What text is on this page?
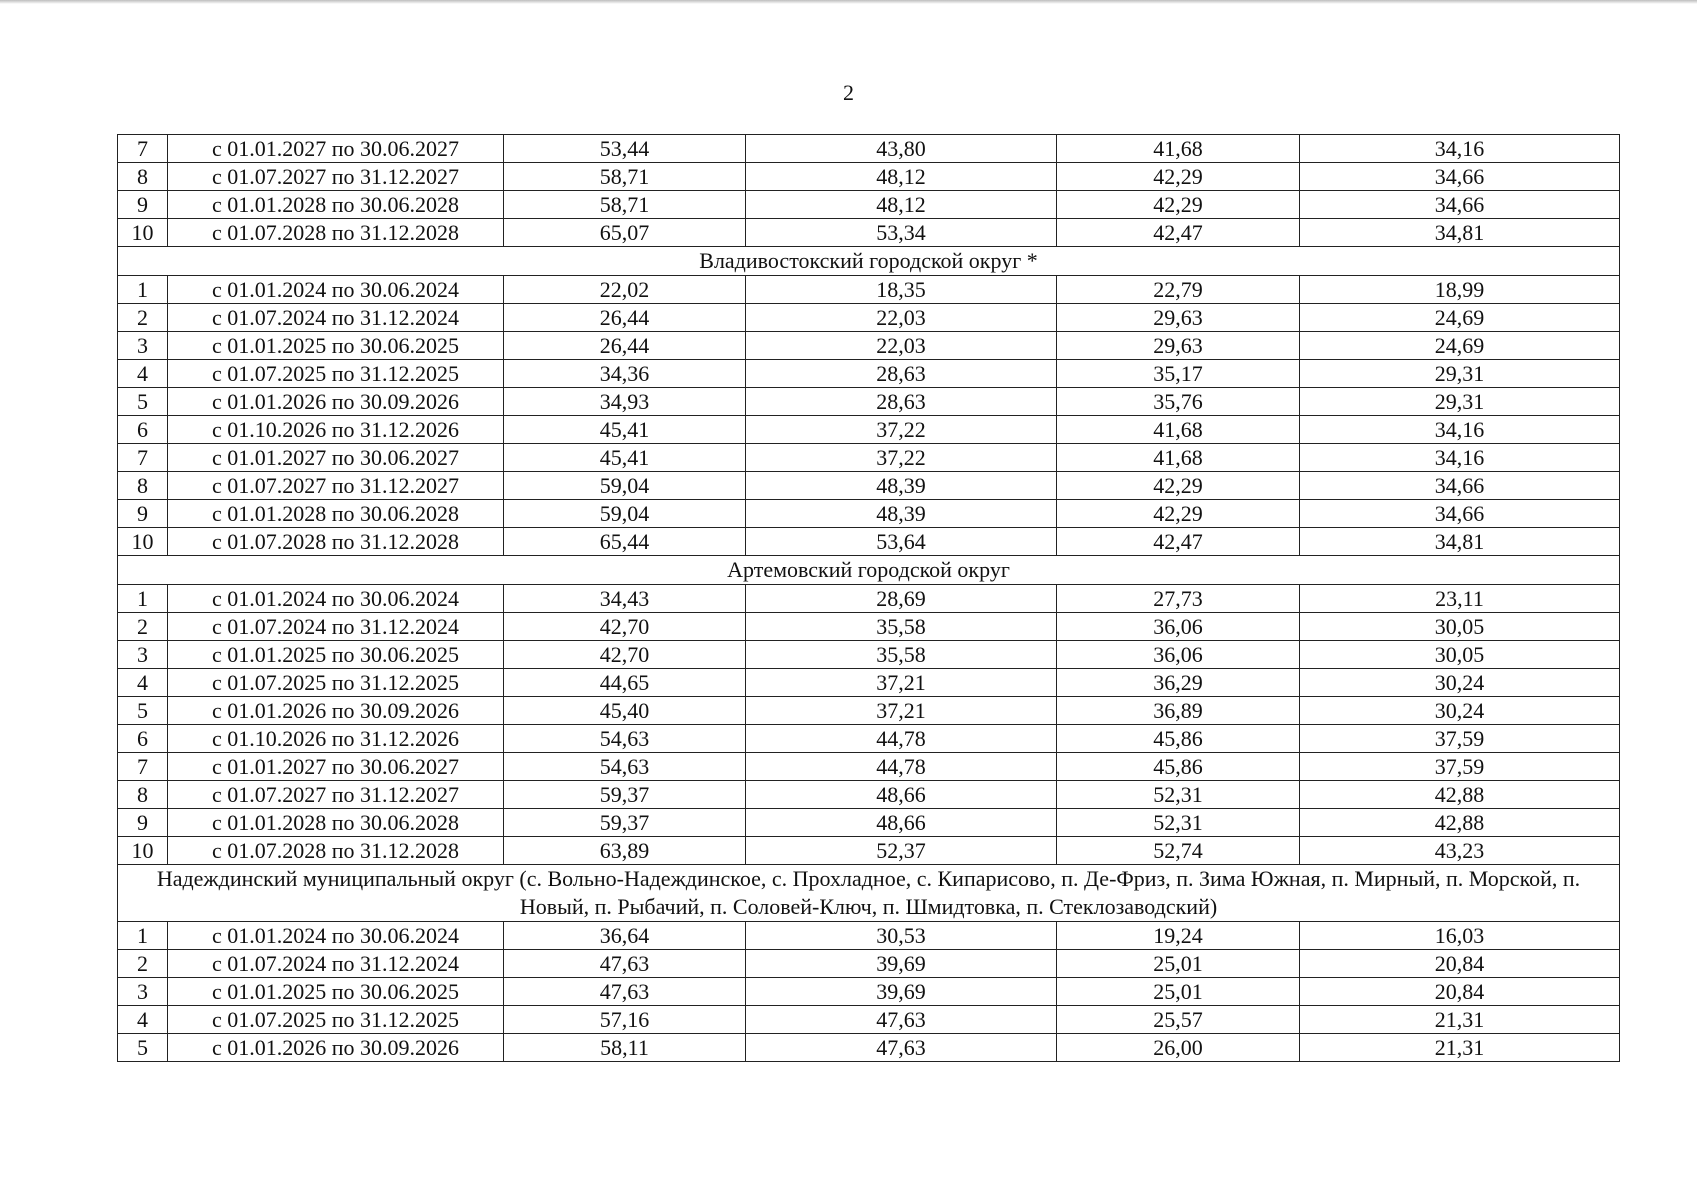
2
7	с 01.01.2027 по 30.06.2027	53,44	43,80	41,68	34,16
8	с 01.07.2027 по 31.12.2027	58,71	48,12	42,29	34,66
9	с 01.01.2028 по 30.06.2028	58,71	48,12	42,29	34,66
10	с 01.07.2028 по 31.12.2028	65,07	53,34	42,47	34,81
Владивостокский городской округ *					
1	с 01.01.2024 по 30.06.2024	22,02	18,35	22,79	18,99
2	с 01.07.2024 по 31.12.2024	26,44	22,03	29,63	24,69
3	с 01.01.2025 по 30.06.2025	26,44	22,03	29,63	24,69
4	с 01.07.2025 по 31.12.2025	34,36	28,63	35,17	29,31
5	с 01.01.2026 по 30.09.2026	34,93	28,63	35,76	29,31
6	с 01.10.2026 по 31.12.2026	45,41	37,22	41,68	34,16
7	с 01.01.2027 по 30.06.2027	45,41	37,22	41,68	34,16
8	с 01.07.2027 по 31.12.2027	59,04	48,39	42,29	34,66
9	с 01.01.2028 по 30.06.2028	59,04	48,39	42,29	34,66
10	с 01.07.2028 по 31.12.2028	65,44	53,64	42,47	34,81
Артемовский городской округ					
1	с 01.01.2024 по 30.06.2024	34,43	28,69	27,73	23,11
2	с 01.07.2024 по 31.12.2024	42,70	35,58	36,06	30,05
3	с 01.01.2025 по 30.06.2025	42,70	35,58	36,06	30,05
4	с 01.07.2025 по 31.12.2025	44,65	37,21	36,29	30,24
5	с 01.01.2026 по 30.09.2026	45,40	37,21	36,89	30,24
6	с 01.10.2026 по 31.12.2026	54,63	44,78	45,86	37,59
7	с 01.01.2027 по 30.06.2027	54,63	44,78	45,86	37,59
8	с 01.07.2027 по 31.12.2027	59,37	48,66	52,31	42,88
9	с 01.01.2028 по 30.06.2028	59,37	48,66	52,31	42,88
10	с 01.07.2028 по 31.12.2028	63,89	52,37	52,74	43,23
Надеждинский муниципальный округ (с. Вольно-Надеждинское, с. Прохладное, с. Кипарисово, п. Де-Фриз, п. Зима Южная, п. Мирный, п. Морской, п. Новый, п. Рыбачий, п. Соловей-Ключ, п. Шмидтовка, п. Стеклозаводский)					
1	с 01.01.2024 по 30.06.2024	36,64	30,53	19,24	16,03
2	с 01.07.2024 по 31.12.2024	47,63	39,69	25,01	20,84
3	с 01.01.2025 по 30.06.2025	47,63	39,69	25,01	20,84
4	с 01.07.2025 по 31.12.2025	57,16	47,63	25,57	21,31
5	с 01.01.2026 по 30.09.2026	58,11	47,63	26,00	21,31
